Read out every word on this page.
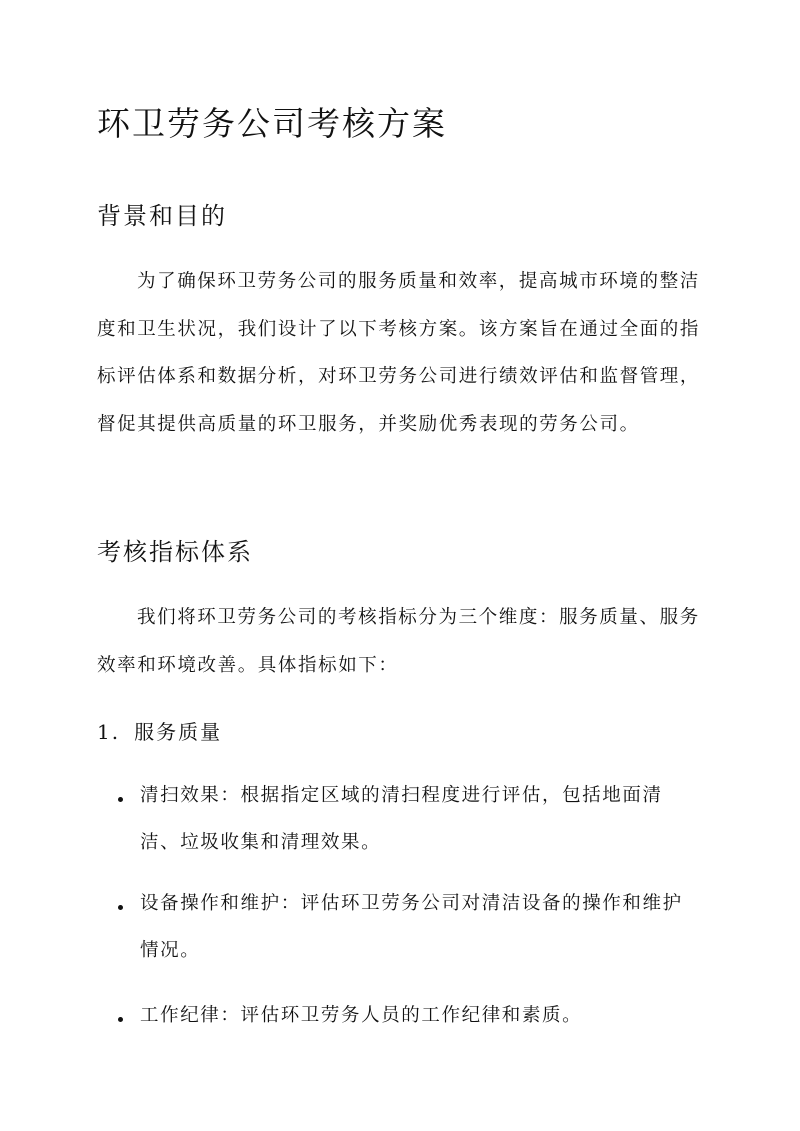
环卫劳务公司考核方案
背景和目的

为了确保环卫劳务公司的服务质量和效率，提高城市环境的整洁度和卫生状况，我们设计了以下考核方案。该方案旨在通过全面的指标评估体系和数据分析，对环卫劳务公司进行绩效评估和监督管理，督促其提供高质量的环卫服务，并奖励优秀表现的劳务公司。

考核指标体系

我们将环卫劳务公司的考核指标分为三个维度：服务质量、服务效率和环境改善。具体指标如下：

1. 服务质量

清扫效果：根据指定区域的清扫程度进行评估，包括地面清洁、垃圾收集和清理效果。

设备操作和维护：评估环卫劳务公司对清洁设备的操作和维护情况。

工作纪律：评估环卫劳务人员的工作纪律和素质。
